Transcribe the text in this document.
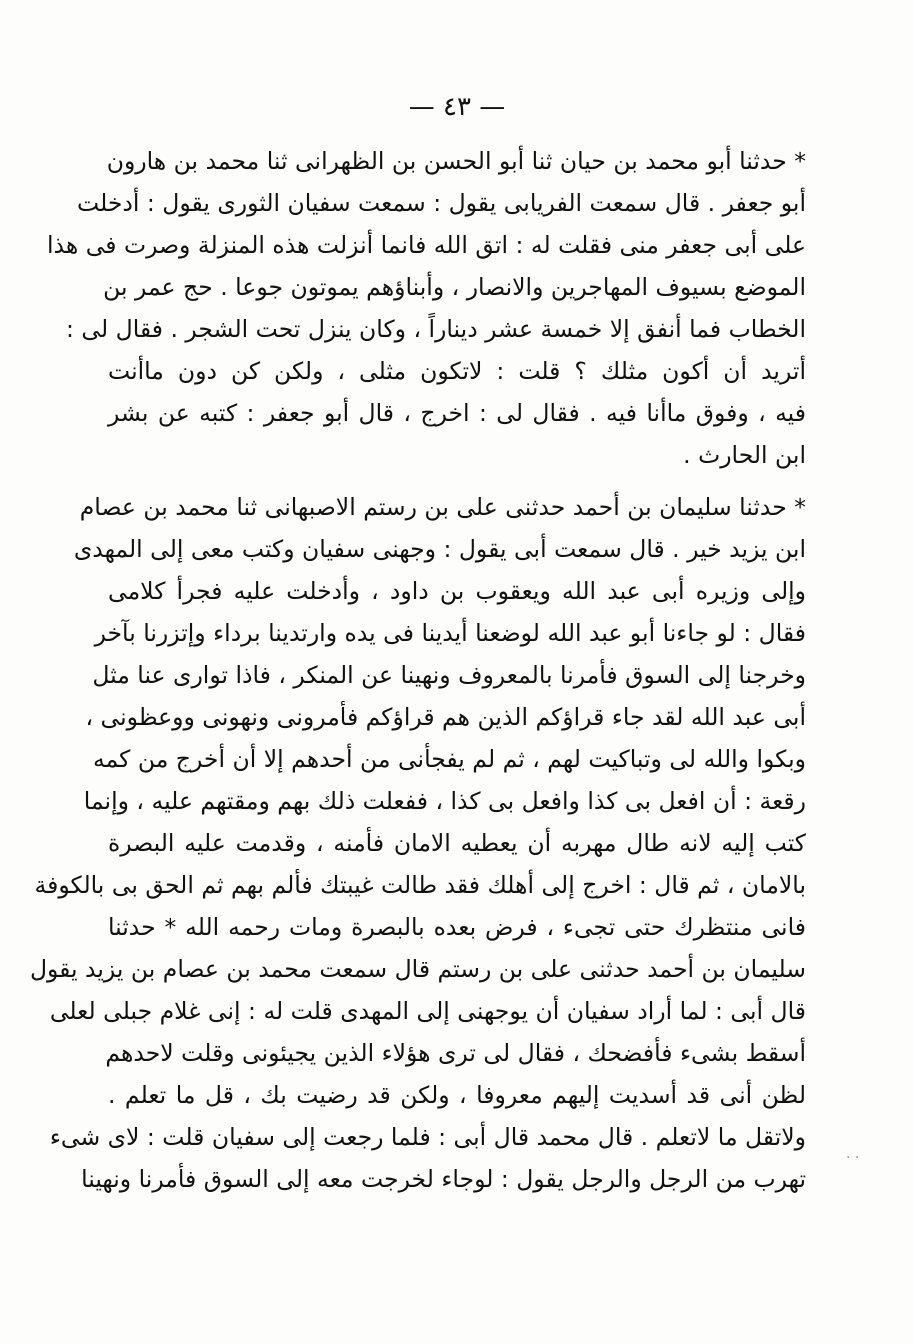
— ٤٣ —
* حدثنا أبو محمد بن حيان ثنا أبو الحسن بن الظهرانى ثنا محمد بن هارون
أبو جعفر . قال سمعت الفريابى يقول : سمعت سفيان الثورى يقول : أدخلت
على أبى جعفر منى فقلت له : اتق الله فانما أنزلت هذه المنزلة وصرت فى هذا
الموضع بسيوف المهاجرين والانصار ، وأبناؤهم يموتون جوعا . حج عمر بن
الخطاب فما أنفق إلا خمسة عشر ديناراً ، وكان ينزل تحت الشجر . فقال لى :
أتريد أن أكون مثلك ؟ قلت : لاتكون مثلى ، ولكن كن دون ماأنت
فيه ، وفوق ماأنا فيه . فقال لى : اخرج ، قال أبو جعفر : كتبه عن بشر
ابن الحارث .
* حدثنا سليمان بن أحمد حدثنى على بن رستم الاصبهانى ثنا محمد بن عصام
ابن يزيد خير . قال سمعت أبى يقول : وجهنى سفيان وكتب معى إلى المهدى
وإلى وزيره أبى عبد الله ويعقوب بن داود ، وأدخلت عليه فجرأ كلامى
فقال : لو جاءنا أبو عبد الله لوضعنا أيدينا فى يده وارتدينا برداء وإتزرنا بآخر
وخرجنا إلى السوق فأمرنا بالمعروف ونهينا عن المنكر ، فاذا توارى عنا مثل
أبى عبد الله لقد جاء قراؤكم الذين هم قراؤكم فأمرونى ونهونى ووعظونى ،
وبكوا والله لى وتباكيت لهم ، ثم لم يفجأنى من أحدهم إلا أن أخرج من كمه
رقعة : أن افعل بى كذا وافعل بى كذا ، ففعلت ذلك بهم ومقتهم عليه ، وإنما
كتب إليه لانه طال مهربه أن يعطيه الامان فأمنه ، وقدمت عليه البصرة
بالامان ، ثم قال : اخرج إلى أهلك فقد طالت غيبتك فألم بهم ثم الحق بى بالكوفة
فانى منتظرك حتى تجىء ، فرض بعده بالبصرة ومات رحمه الله * حدثنا
سليمان بن أحمد حدثنى على بن رستم قال سمعت محمد بن عصام بن يزيد يقول
قال أبى : لما أراد سفيان أن يوجهنى إلى المهدى قلت له : إنى غلام جبلى لعلى
أسقط بشىء فأفضحك ، فقال لى ترى هؤلاء الذين يجيئونى وقلت لاحدهم
لظن أنى قد أسديت إليهم معروفا ، ولكن قد رضيت بك ، قل ما تعلم .
ولاتقل ما لاتعلم . قال محمد قال أبى : فلما رجعت إلى سفيان قلت : لاى شىء
تهرب من الرجل والرجل يقول : لوجاء لخرجت معه إلى السوق فأمرنا ونهينا
· ·
